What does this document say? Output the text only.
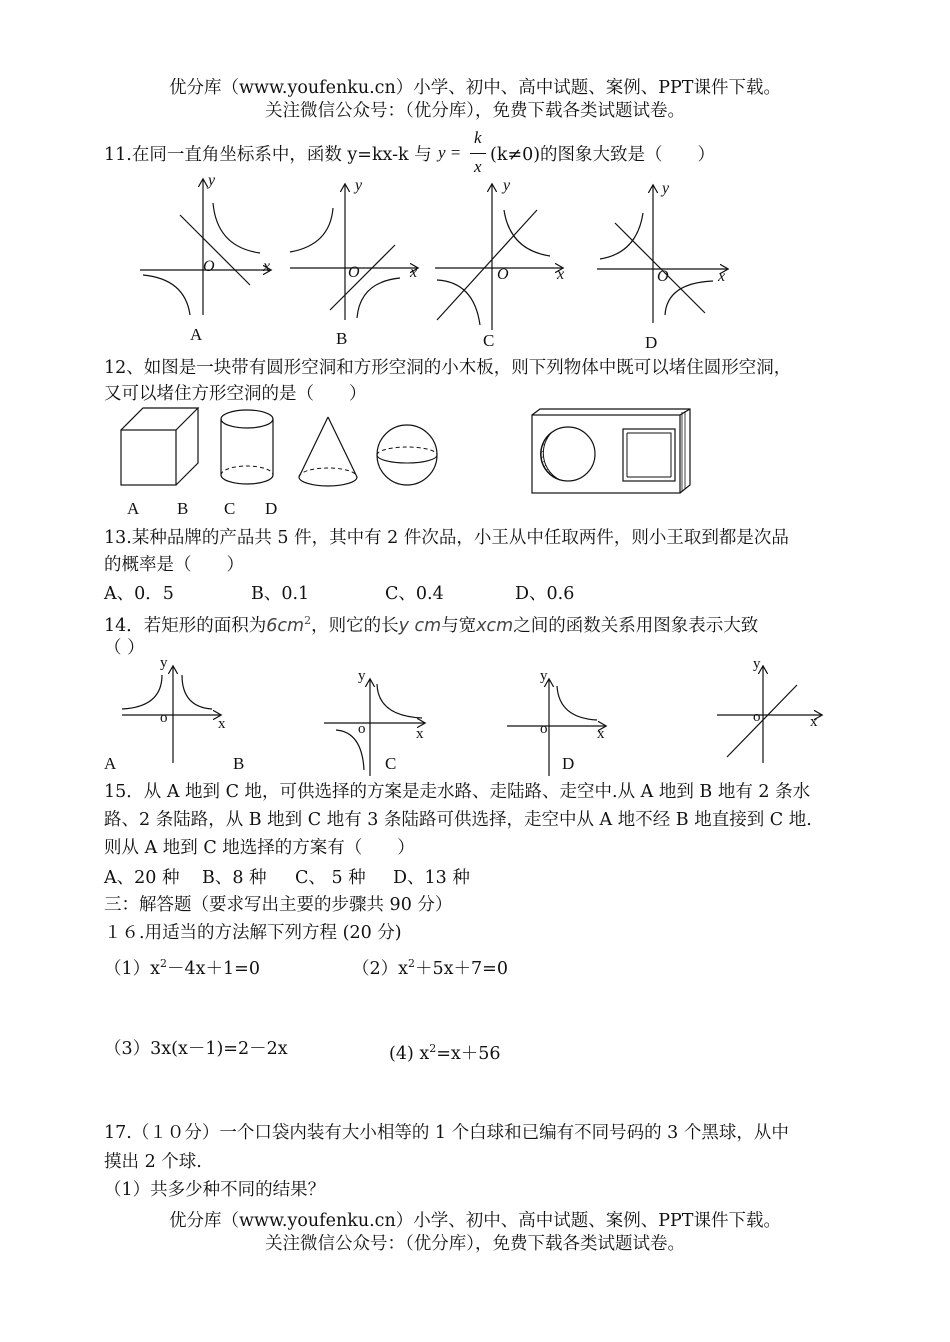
优分库（www.youfenku.cn）小学、初中、高中试题、案例、PPT课件下载。
关注微信公众号：（优分库），免费下载各类试题试卷。
11.在同一直角坐标系中，函数 y=kx-k 与 y =
k
x
(k≠0)的图象大致是（　　）
y
O	x
A
y
O	x
B
y
O	x
C
y
O	x
D
12、如图是一块带有圆形空洞和方形空洞的小木板，则下列物体中既可以堵住圆形空洞，
又可以堵住方形空洞的是（　　）
A B C D
13.某种品牌的产品共 5 件，其中有 2 件次品，小王从中任取两件，则小王取到都是次品
的概率是（　　）
A、0．5	B、0.1	C、0.4	D、0.6
14．若矩形的面积为$6cm^2$，则它的长y cm与宽xcm之间的函数关系用图象表示大致
（ ）
y
o	x
A	B
y
o	x
C
y
o	x
D
y
o	x
15．从 A 地到 C 地，可供选择的方案是走水路、走陆路、走空中.从 A 地到 B 地有 2 条水
路、2 条陆路，从 B 地到 C 地有 3 条陆路可供选择，走空中从 A 地不经 B 地直接到 C 地.
则从 A 地到 C 地选择的方案有（　　）
A、20 种 B、8 种 C、 5 种 D、13 种
三：解答题（要求写出主要的步骤共 90 分）
１６.用适当的方法解下列方程 (20 分)
$(1)x^2-4x+1=0$	$(2)x^2+5x+7=0$
（3）3x(x－1)=2－2x	(4) $x^2=x+56$
17.（１０分）一个口袋内装有大小相等的 1 个白球和已编有不同号码的 3 个黑球，从中
摸出 2 个球.
（1）共多少种不同的结果？
优分库（www.youfenku.cn）小学、初中、高中试题、案例、PPT课件下载。
关注微信公众号：（优分库），免费下载各类试题试卷。
